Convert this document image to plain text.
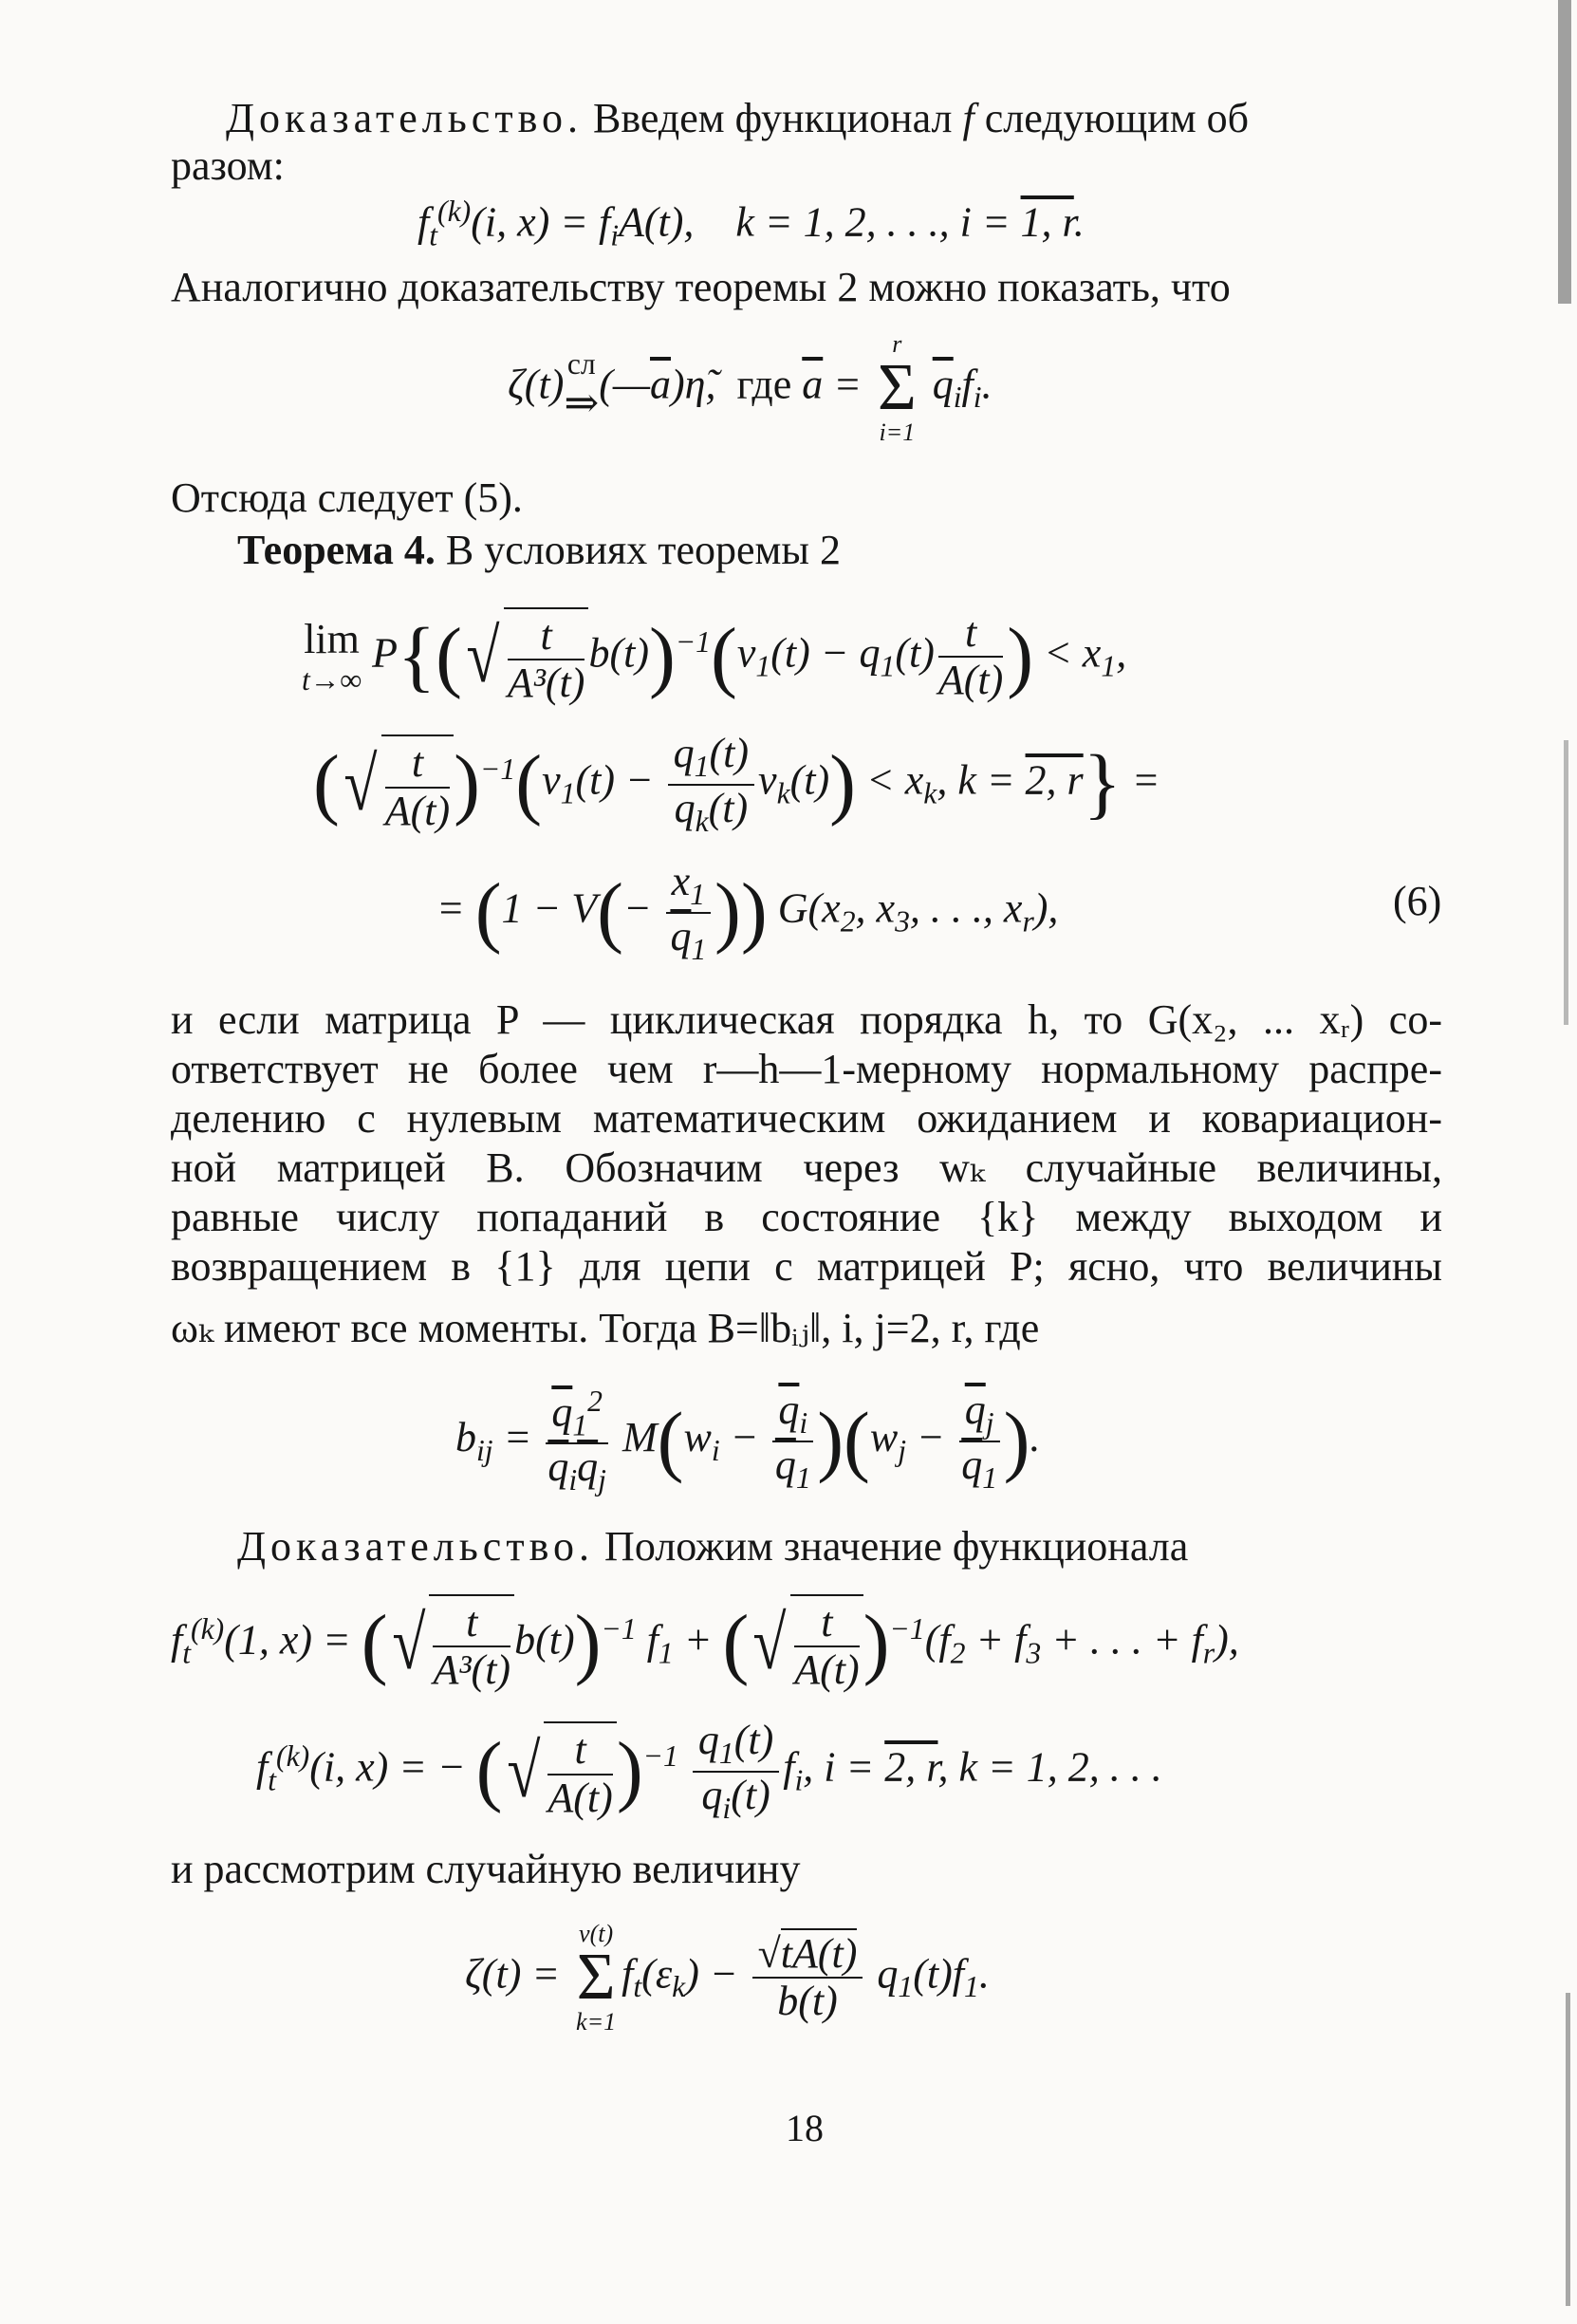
Доказательство. Введем функционал f следующим об
разом:
$f_t^{(k)}(i$, $x) = f_iA(t)$,    k = 1, 2, . . ., i = 1, r.
Аналогично доказательству теоремы 2 можно показать, что
ζ(t) сл
⇒ $(—\overline{a})\etã$,  где $\overline{a}$ =
r
Σ
i=1
$\overline{q}_if_i$.
Отсюда следует (5).
Теорема 4. В условиях теоремы 2
lim
t→∞
P{( √ $\frac{t}{\text{A³(t)}} b(t))^{-1}(\nu_1(t) - q_1(t) \frac{t}{A(t)}$ ) < $x_1$,
( √ $\frac{t}{A(t)} )^{-1}(\nu_1(t) - \frac{q_1(t)}{q_k(t)} \nu_k(t)) < x_k$, k = 2, r} =
= ($1 - V(- \frac{x_1}{\overline{q}_1}$ )) $G(x_2$, $x_3$, . . ., $x_r$),	(6)
и если матрица P — циклическая порядка h, то G(x₂, ... xᵣ) со-
ответствует не более чем r—h—1-мерному нормальному распре-
делению с нулевым математическим ожиданием и ковариацион-
ной матрицей B. Обозначим через wₖ случайные величины,
равные числу попаданий в состояние {k} между выходом и
возвращением в {1} для цепи с матрицей P; ясно, что величины
ωₖ имеют все моменты. Тогда B=‖bᵢⱼ‖, i, j=2, r, где
$b_{ij}$ =
$\overline{q}_1^2$
$\overline{q}_i\overline{q}_j$
$M(w_i - \frac{\overline{q}_i}{\overline{q}_1} )(w_j - \frac{\overline{q}_j}{\overline{q}_1}$ ).
Доказательство. Положим значение функционала
$f_t^{(k)}(1$, x) = ( √ $\frac{t}{\text{A³(t)}} b(t))^{-1}$ $f_1$ + ( √ $\frac{t}{A(t)} )^{-1}(f_2 + f_3$ + . . . + $f_r$),
$f_t^{(k)}(i$, x) = − ( √ $\frac{t}{A(t)} )^{-1} \frac{q_1(t)}{q_i(t)} f_i$, i = 2, r, k = 1, 2, . . .
и рассмотрим случайную величину
ζ(t) =
ν(t)
Σ
k=1
$f_t(\varepsilon_k) - \frac{√tA(t)}{b(t)} q_1(t)f_1$.
18
